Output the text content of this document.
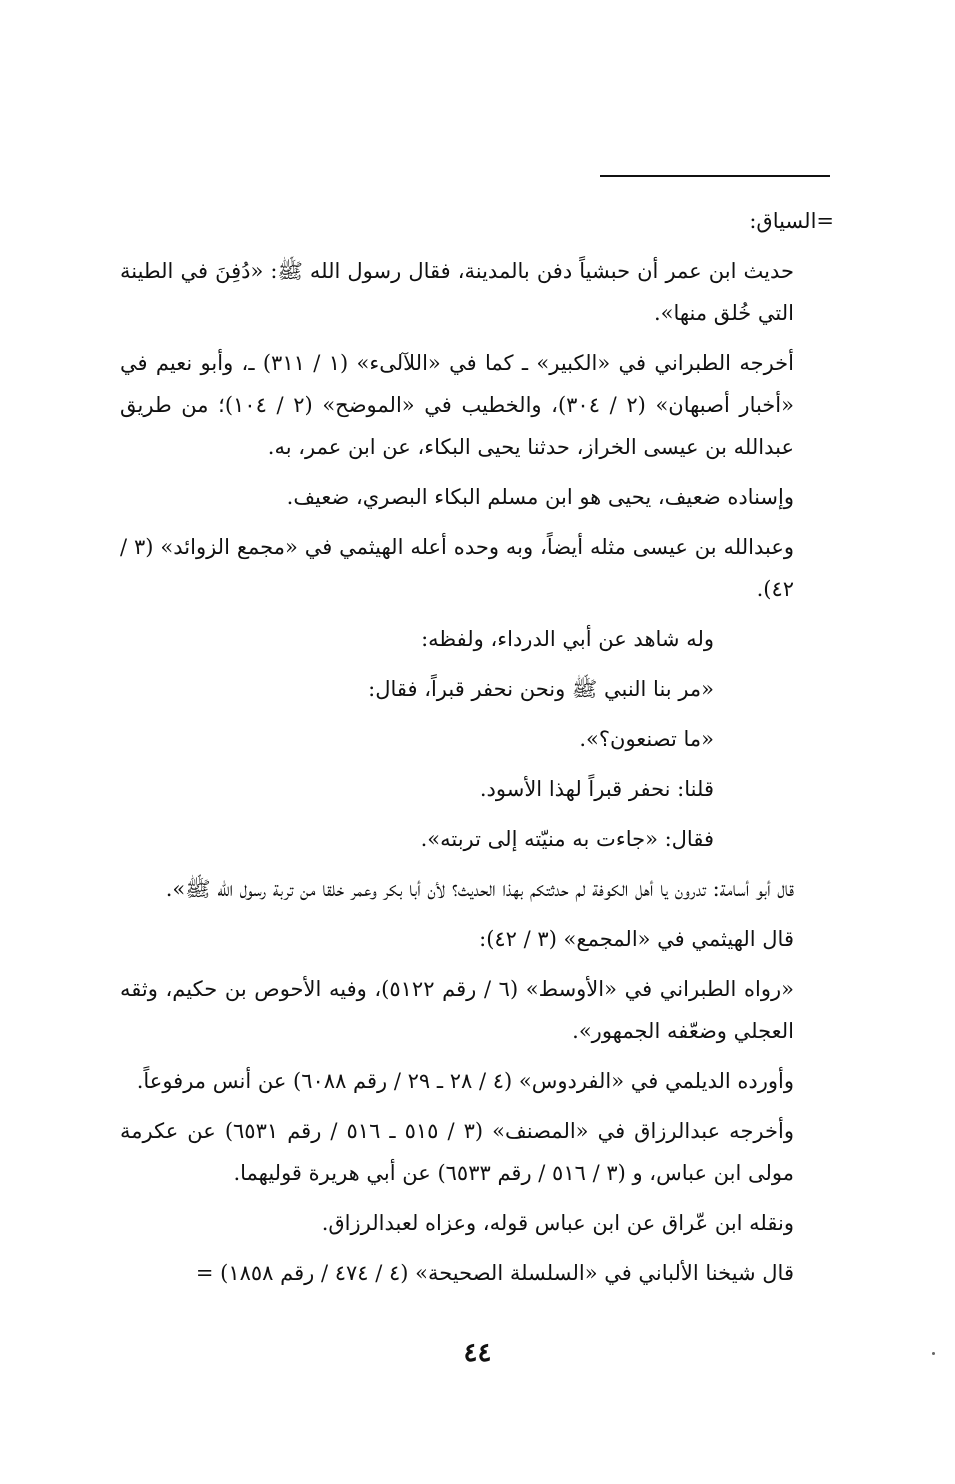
=السياق:

حديث ابن عمر أن حبشياً دفن بالمدينة، فقال رسول الله ﷺ: «دُفِنَ في الطينة التي خُلق منها».

أخرجه الطبراني في «الكبير» ـ كما في «اللآلىء» (١ / ٣١١) ـ، وأبو نعيم في «أخبار أصبهان» (٢ / ٣٠٤)، والخطيب في «الموضح» (٢ / ١٠٤)؛ من طريق عبدالله بن عيسى الخراز، حدثنا يحيى البكاء، عن ابن عمر، به.

وإسناده ضعيف، يحيى هو ابن مسلم البكاء البصري، ضعيف.

وعبدالله بن عيسى مثله أيضاً، وبه وحده أعله الهيثمي في «مجمع الزوائد» (٣ / ٤٢).

وله شاهد عن أبي الدرداء، ولفظه:

«مر بنا النبي ﷺ ونحن نحفر قبراً، فقال:

«ما تصنعون؟».

قلنا: نحفر قبراً لهذا الأسود.

فقال: «جاءت به منيّته إلى تربته».

قال أبو أسامة: تدرون يا أهل الكوفة لم حدثتكم بهذا الحديث؟ لأن أبا بكر وعمر خلقا من تربة رسول الله ﷺ».

قال الهيثمي في «المجمع» (٣ / ٤٢):

«رواه الطبراني في «الأوسط» (٦ / رقم ٥١٢٢)، وفيه الأحوص بن حكيم، وثقه العجلي وضعّفه الجمهور».

وأورده الديلمي في «الفردوس» (٤ / ٢٨ ـ ٢٩ / رقم ٦٠٨٨) عن أنس مرفوعاً.

وأخرجه عبدالرزاق في «المصنف» (٣ / ٥١٥ ـ ٥١٦ / رقم ٦٥٣١) عن عكرمة مولى ابن عباس، و (٣ / ٥١٦ / رقم ٦٥٣٣) عن أبي هريرة قوليهما.

ونقله ابن عّراق عن ابن عباس قوله، وعزاه لعبدالرزاق.

قال شيخنا الألباني في «السلسلة الصحيحة» (٤ / ٤٧٤ / رقم ١٨٥٨) =

٤٤
